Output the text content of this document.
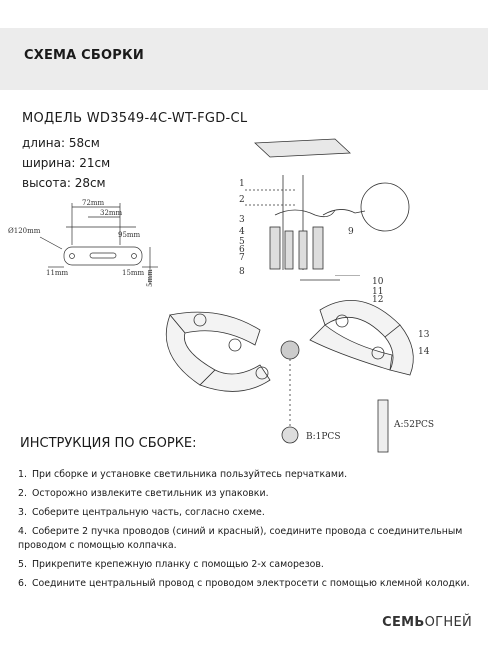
СХЕМА СБОРКИ
МОДЕЛЬ WD3549-4C-WT-FGD-CL
длина: 58см
ширина: 21см
высота: 28см
72mm
32mm
95mm
Ø120mm
11mm	15mm 5mm
1
2
3
4
5
6
7
8
9
10
11
12
13
14
B:1PCS
A:52PCS
ИНСТРУКЦИЯ ПО СБОРКЕ:
1. При сборке и установке светильника пользуйтесь перчатками.
2. Осторожно извлеките светильник из упаковки.
3. Соберите центральную часть, согласно схеме.
4. Соберите 2 пучка проводов (синий и красный), соедините провода с соединительным проводом с помощью колпачка.
5. Прикрепите крепежную планку с помощью 2-х саморезов.
6. Соедините центральный провод с проводом электросети с помощью клемной колодки.
СЕМЬОГНЕЙ
